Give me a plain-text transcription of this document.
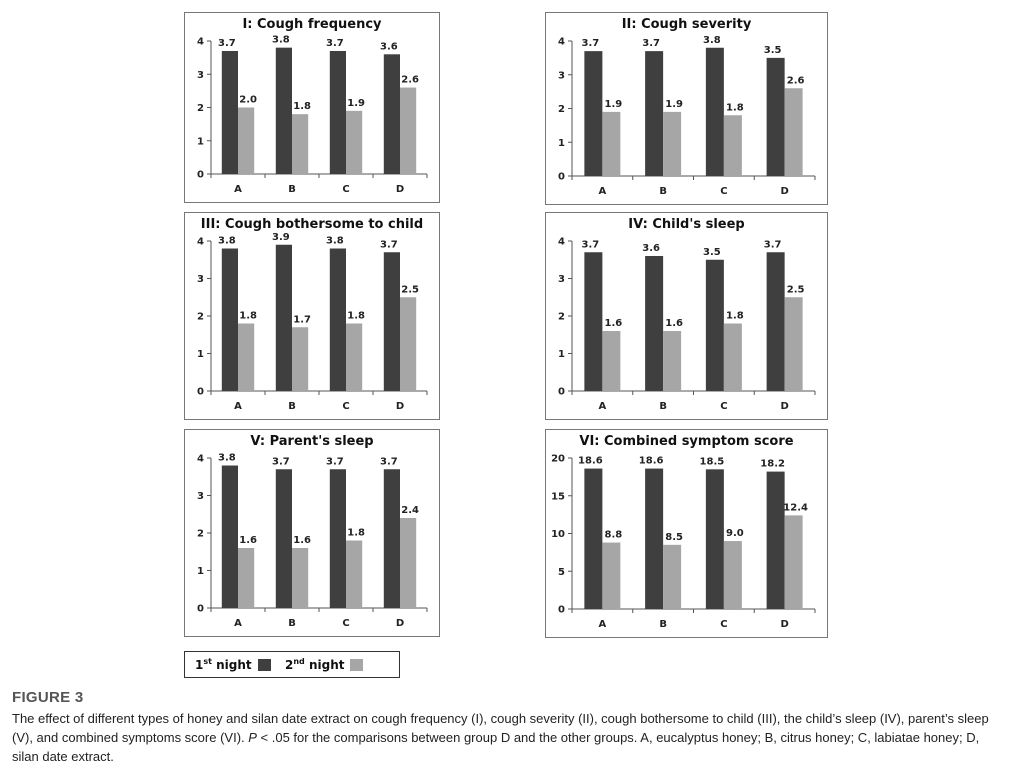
I: Cough frequency
0
1
2
3
4 3.7
2.0
A
3.8
1.8
B
3.7
1.9
C
3.6
2.6
D
II: Cough severity
0
1
2
3
4 3.7
1.9
A
3.7
1.9
B
3.8
1.8
C
3.5
2.6
D
III: Cough bothersome to child
0
1
2
3
4 3.8
1.8
A
3.9
1.7
B
3.8
1.8
C
3.7
2.5
D
IV: Child's sleep
0
1
2
3
4 3.7
1.6
A
3.6
1.6
B
3.5
1.8
C
3.7
2.5
D
V: Parent's sleep
0
1
2
3
4 3.8
1.6
A
3.7
1.6
B
3.7
1.8
C
3.7
2.4
D
VI: Combined symptom score
0
5
10
15
20 18.6
8.8
A
18.6
8.5
B
18.5
9.0
C
18.2
12.4
D
1st night	2nd night
FIGURE 3
The effect of different types of honey and silan date extract on cough frequency (I), cough severity (II), cough bothersome to child (III), the child’s sleep (IV), parent’s sleep (V), and combined symptoms score (VI). P < .05 for the comparisons between group D and the other groups. A, eucalyptus honey; B, citrus honey; C, labiatae honey; D, silan date extract.
